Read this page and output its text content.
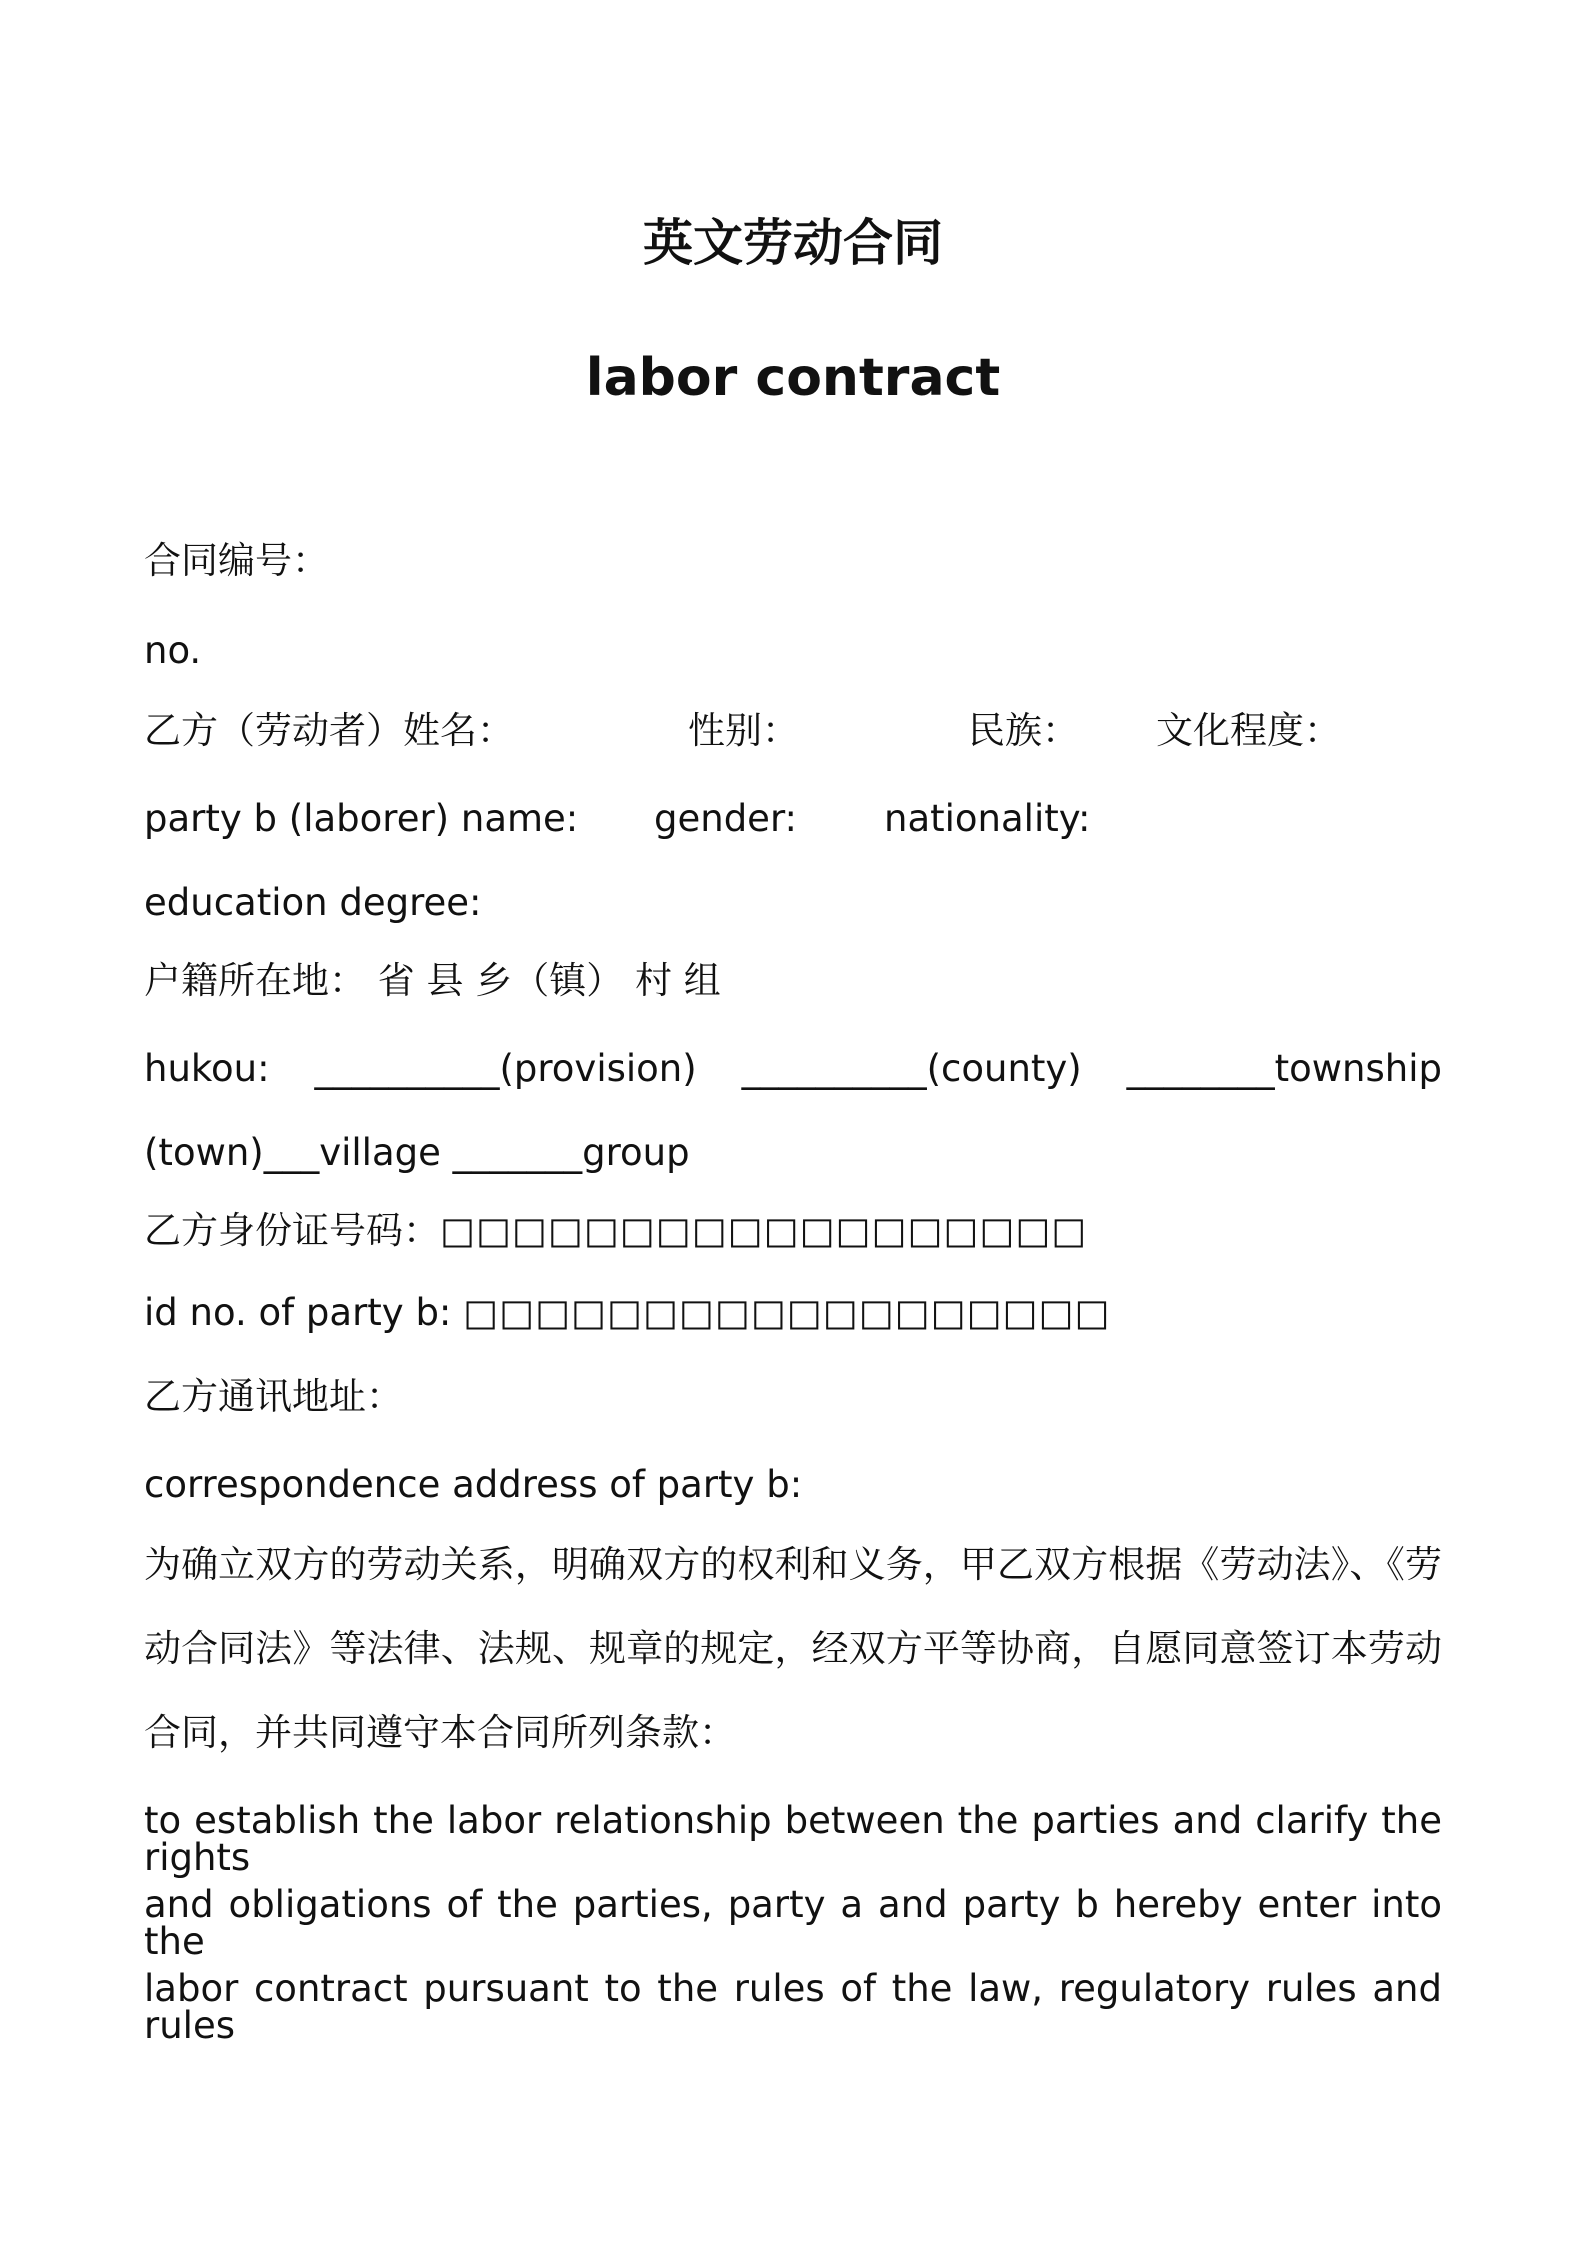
英文劳动合同
labor contract
合同编号：
no.
乙方（劳动者）姓名：	性别：	民族： 文化程度：
party b (laborer) name: gender: nationality:
education degree:
户籍所在地： 省 县 乡（镇） 村 组
hukou: __________(provision) __________(county) ________township
(town)___village _______group
乙方身份证号码：□□□□□□□□□□□□□□□□□□
id no. of party b: □□□□□□□□□□□□□□□□□□
乙方通讯地址：
correspondence address of party b:
为确立双方的劳动关系，明确双方的权利和义务，甲乙双方根据《劳动法》、《劳
动合同法》等法律、法规、规章的规定，经双方平等协商，自愿同意签订本劳动
合同，并共同遵守本合同所列条款：
to establish the labor relationship between the parties and clarify the rights
and obligations of the parties, party a and party b hereby enter into the
labor contract pursuant to the rules of the law, regulatory rules and rules
